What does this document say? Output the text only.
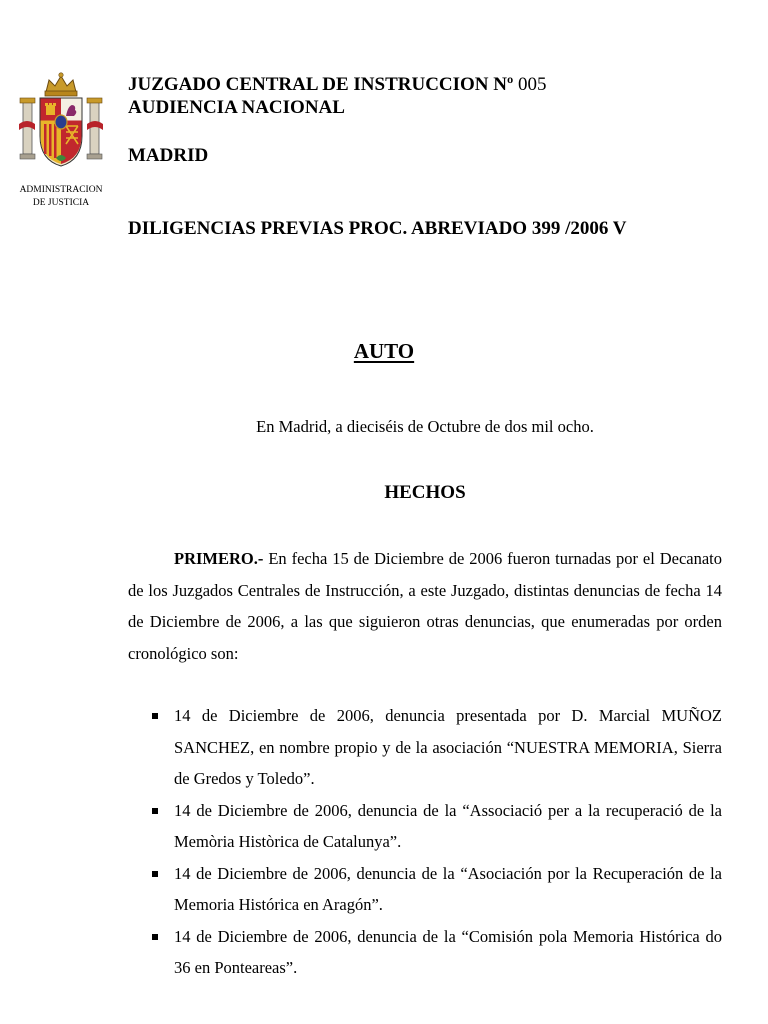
ADMINISTRACION
DE JUSTICIA
JUZGADO CENTRAL DE INSTRUCCION Nº 005
AUDIENCIA NACIONAL
MADRID
DILIGENCIAS PREVIAS PROC. ABREVIADO 399 /2006 V
AUTO
En Madrid, a dieciséis de Octubre de dos mil ocho.
HECHOS
PRIMERO.- En fecha 15 de Diciembre de 2006 fueron turnadas por el Decanato de los Juzgados Centrales de Instrucción, a este Juzgado, distintas denuncias de fecha 14 de Diciembre de 2006, a las que siguieron otras denuncias, que enumeradas por orden cronológico son:
14 de Diciembre de 2006, denuncia presentada por D. Marcial MUÑOZ SANCHEZ, en nombre propio y de la asociación “NUESTRA MEMORIA, Sierra de Gredos y Toledo”.
14 de Diciembre de 2006, denuncia de la “Associació per a la recuperació de la Memòria Històrica de Catalunya”.
14 de Diciembre de 2006, denuncia de la “Asociación por la Recuperación de la Memoria Histórica en Aragón”.
14 de Diciembre de 2006, denuncia de la “Comisión pola Memoria Histórica do 36 en Ponteareas”.
